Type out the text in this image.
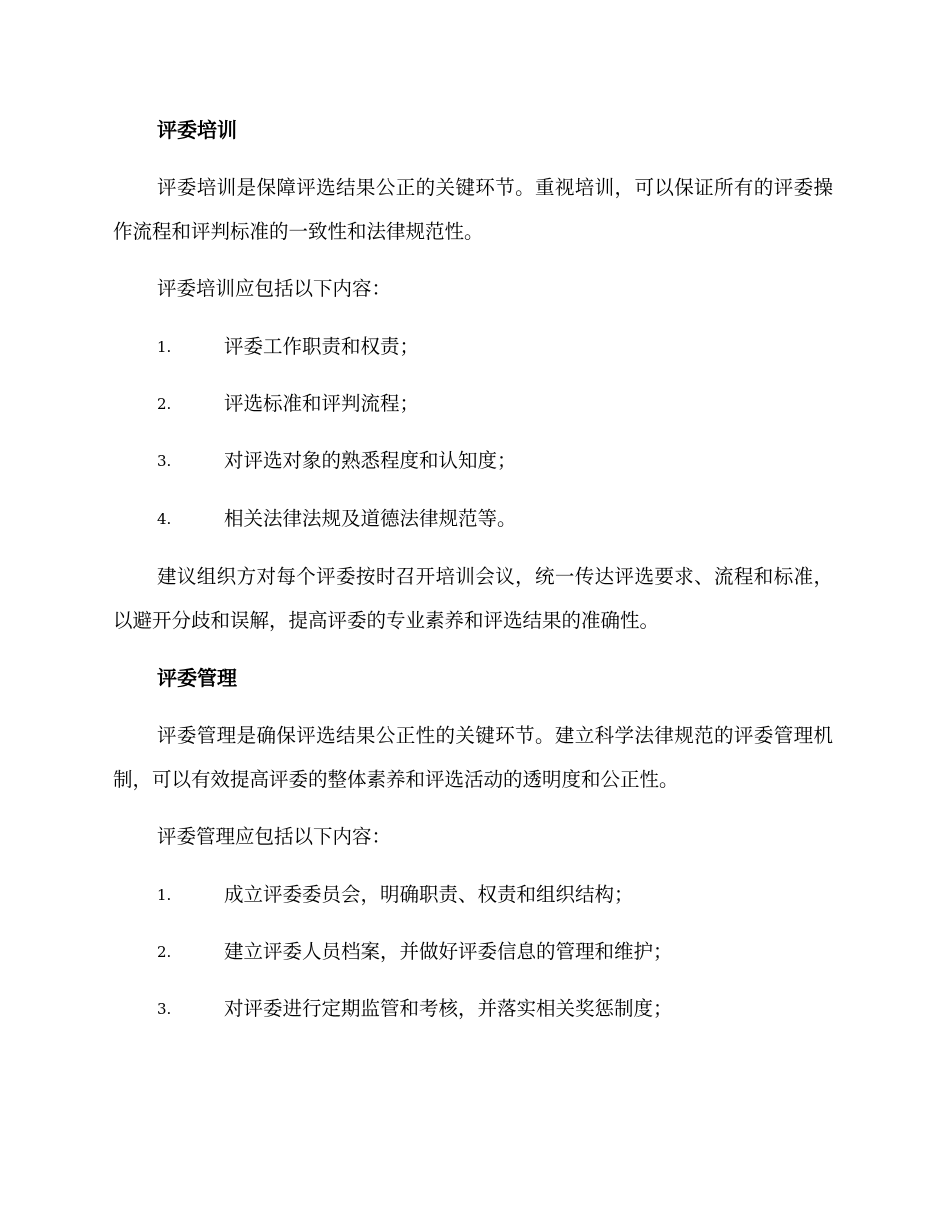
评委培训

评委培训是保障评选结果公正的关键环节。重视培训，可以保证所有的评委操作流程和评判标准的一致性和法律规范性。

评委培训应包括以下内容：

1.	评委工作职责和权责；
2.	评选标准和评判流程；
3.	对评选对象的熟悉程度和认知度；
4.	相关法律法规及道德法律规范等。

建议组织方对每个评委按时召开培训会议，统一传达评选要求、流程和标准，以避开分歧和误解，提高评委的专业素养和评选结果的准确性。

评委管理

评委管理是确保评选结果公正性的关键环节。建立科学法律规范的评委管理机制，可以有效提高评委的整体素养和评选活动的透明度和公正性。

评委管理应包括以下内容：

1.	成立评委委员会，明确职责、权责和组织结构；
2.	建立评委人员档案，并做好评委信息的管理和维护；
3.	对评委进行定期监管和考核，并落实相关奖惩制度；
